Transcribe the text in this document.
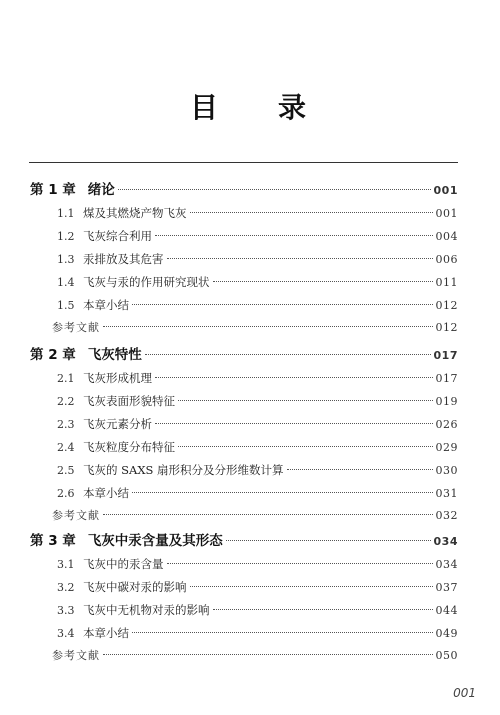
目 录
第 1 章 绪论	001
1.1 煤及其燃烧产物飞灰	001
1.2 飞灰综合利用	004
1.3 汞排放及其危害	006
1.4 飞灰与汞的作用研究现状	011
1.5 本章小结	012
参考文献	012
第 2 章 飞灰特性	017
2.1 飞灰形成机理	017
2.2 飞灰表面形貌特征	019
2.3 飞灰元素分析	026
2.4 飞灰粒度分布特征	029
2.5 飞灰的 SAXS 扇形积分及分形维数计算	030
2.6 本章小结	031
参考文献	032
第 3 章 飞灰中汞含量及其形态	034
3.1 飞灰中的汞含量	034
3.2 飞灰中碳对汞的影响	037
3.3 飞灰中无机物对汞的影响	044
3.4 本章小结	049
参考文献	050
001
